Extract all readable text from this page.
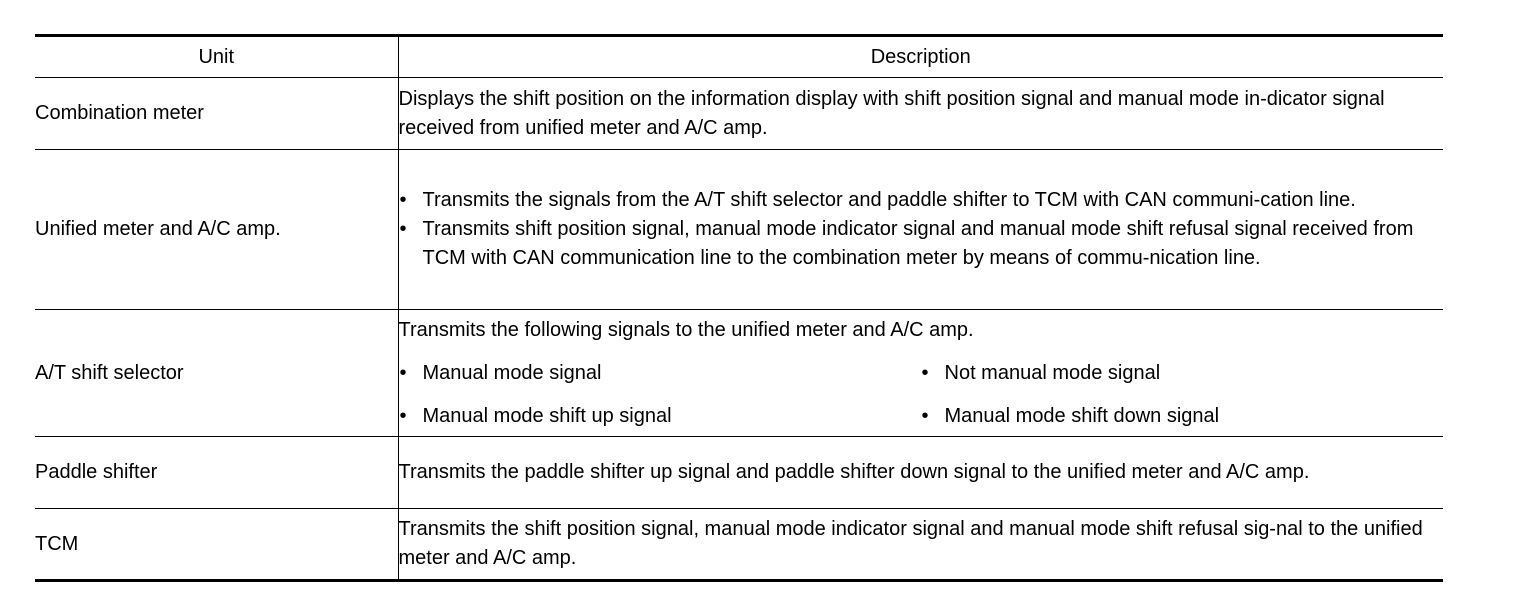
Unit	Description
Combination meter	Displays the shift position on the information display with shift position signal and manual mode in-dicator signal received from unified meter and A/C amp.

Unified meter and A/C amp.	• Transmits the signals from the A/T shift selector and paddle shifter to TCM with CAN communi-cation line.
• Transmits shift position signal, manual mode indicator signal and manual mode shift refusal signal received from TCM with CAN communication line to the combination meter by means of commu-nication line.

A/T shift selector	Transmits the following signals to the unified meter and A/C amp.
• Manual mode signal • Not manual mode signal
• Manual mode shift up signal • Manual mode shift down signal

Paddle shifter	Transmits the paddle shifter up signal and paddle shifter down signal to the unified meter and A/C amp.

TCM	Transmits the shift position signal, manual mode indicator signal and manual mode shift refusal sig-nal to the unified meter and A/C amp.
